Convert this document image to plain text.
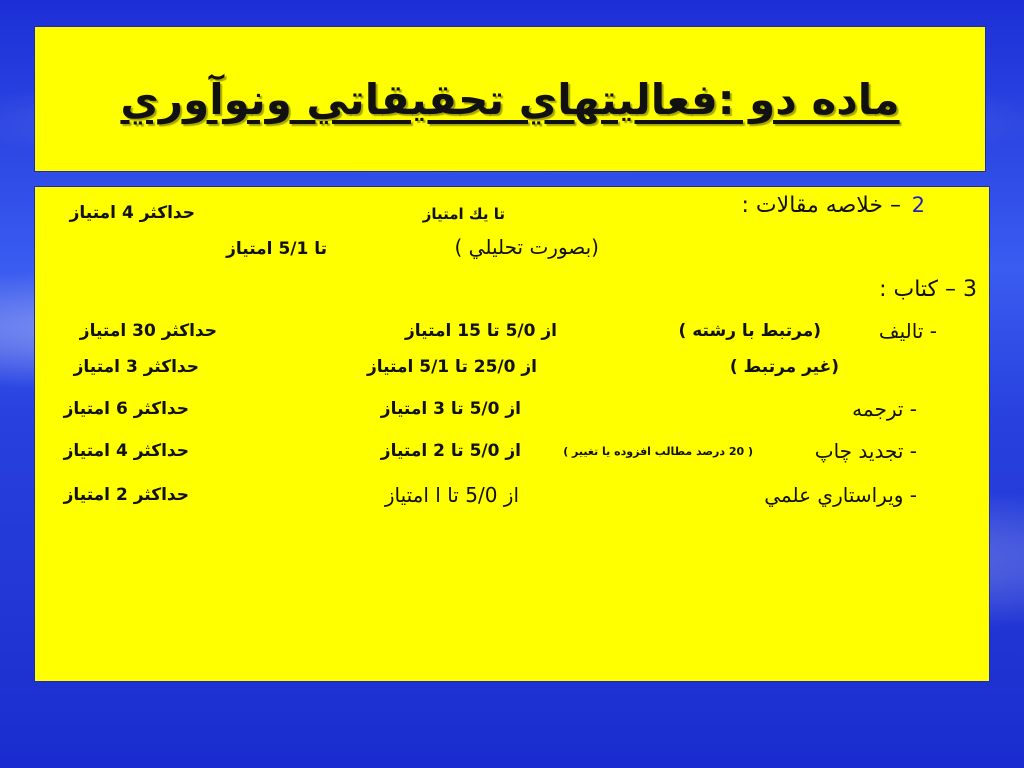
ماده دو :فعاليتهاي تحقيقاتي ونوآوري
– خلاصه مقالات : 2
تا يك امتياز
حداكثر 4 امتياز
(بصورت تحليلي )
تا 5/1 امتياز
3 – كتاب :
- تاليف
(مرتبط با رشته )
از 5/0 تا 15 امتياز
حداكثر 30 امتياز
(غير مرتبط )
از 25/0 تا 5/1 امتياز
حداكثر 3 امتياز
- ترجمه
از 5/0 تا 3 امتياز
حداكثر 6 امتياز
- تجديد چاپ
( 20 درصد مطالب افزوده يا تغيير )
از 5/0 تا 2 امتياز
حداكثر 4 امتياز
- ويراستاري علمي
از 5/0 تا ا امتياز
حداكثر 2 امتياز
